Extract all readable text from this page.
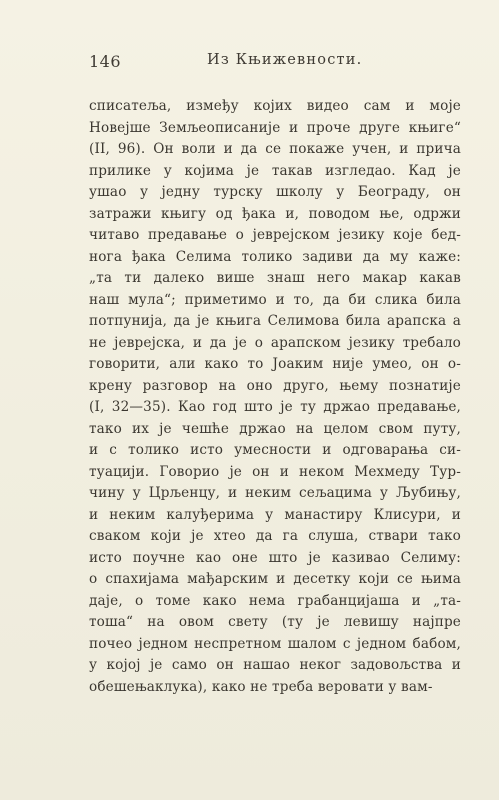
146	Из Књижевности.
списатеља, између којих видео сам и моје
Новејше Земљеописаније и проче друге књиге“
(II, 96). Он воли и да се покаже учен, и прича
прилике у којима је такав изгледао. Кад је
ушао у једну турску школу у Београду, он
затражи књигу од ђака и, поводом ње, одржи
читаво предавање о јеврејском језику које бед-
нога ђака Селима толико задиви да му каже:
„та ти далеко више знаш него макар какав
наш мула“; приметимо и то, да би слика била
потпунија, да је књига Селимова била арапска а
не јеврејска, и да је о арапском језику требало
говорити, али како то Јоаким није умео, он о-
крену разговор на оно друго, њему познатије
(I, 32—35). Као год што је ту држао предавање,
тако их је чешће држао на целом свом путу,
и с толико исто умесности и одговарања си-
туацији. Говорио је он и неком Мехмеду Тур-
чину у Црљенцу, и неким сељацима у Љубињу,
и неким калуђерима у манастиру Клисури, и
сваком који је хтео да га слуша, ствари тако
исто поучне као оне што је казивао Селиму:
о спахијама мађарским и десетку који се њима
даје, о томе како нема грабанцијаша и „та-
тоша“ на овом свету (ту је левишу најпре
почео једном неспретном шалом с једном бабом,
у којој је само он нашао неког задовољства и
обешењаклука), како не треба веровати у вам-
